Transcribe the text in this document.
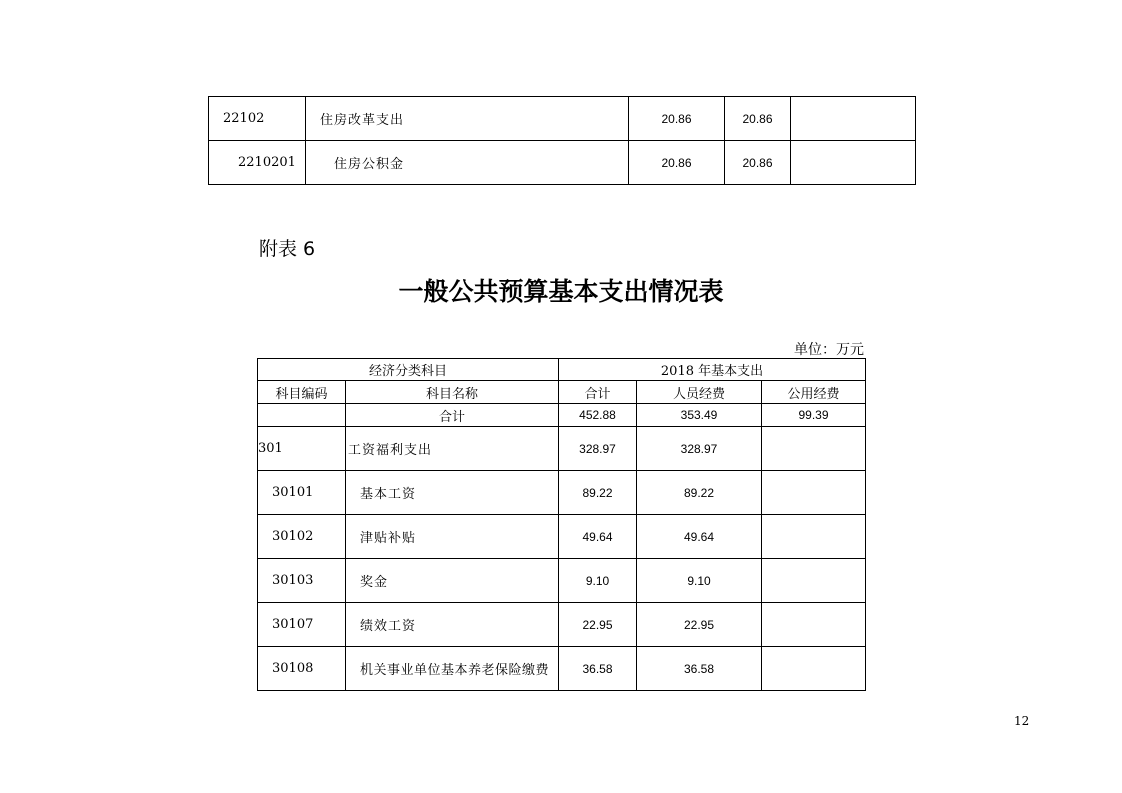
22102	住房改革支出	20.86	20.86	
2210201	住房公积金	20.86	20.86	
附表 6
一般公共预算基本支出情况表
单位：万元
经济分类科目		2018 年基本支出		
科目编码	科目名称	合计	人员经费	公用经费
	合计	452.88	353.49	99.39
301	工资福利支出	328.97	328.97	
30101	基本工资	89.22	89.22	
30102	津贴补贴	49.64	49.64	
30103	奖金	9.10	9.10	
30107	绩效工资	22.95	22.95	
30108	机关事业单位基本养老保险缴费	36.58	36.58	
12
